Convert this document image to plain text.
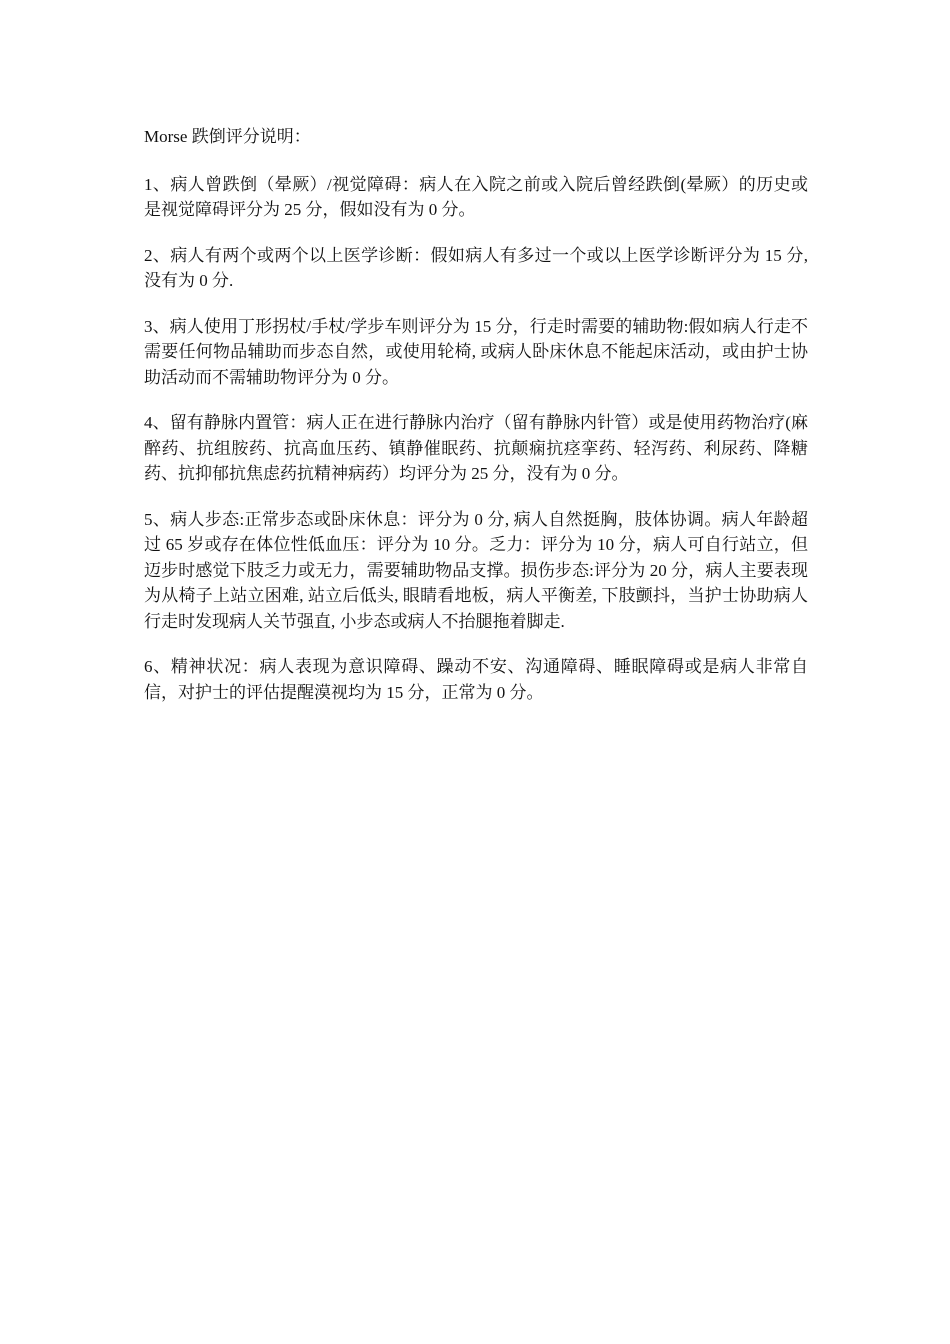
Morse 跌倒评分说明：

1、病人曾跌倒（晕厥）/视觉障碍：病人在入院之前或入院后曾经跌倒(晕厥）的历史或是视觉障碍评分为 25 分，假如没有为 0 分。

2、病人有两个或两个以上医学诊断：假如病人有多过一个或以上医学诊断评分为 15 分, 没有为 0 分.

3、病人使用丁形拐杖/手杖/学步车则评分为 15 分，行走时需要的辅助物:假如病人行走不需要任何物品辅助而步态自然，或使用轮椅, 或病人卧床休息不能起床活动，或由护士协助活动而不需辅助物评分为 0 分。

4、留有静脉内置管：病人正在进行静脉内治疗（留有静脉内针管）或是使用药物治疗(麻醉药、抗组胺药、抗高血压药、镇静催眠药、抗颠痫抗痉挛药、轻泻药、利尿药、降糖药、抗抑郁抗焦虑药抗精神病药）均评分为 25 分，没有为 0 分。

5、病人步态:正常步态或卧床休息：评分为 0 分, 病人自然挺胸，肢体协调。病人年龄超过 65 岁或存在体位性低血压：评分为 10 分。乏力：评分为 10 分，病人可自行站立，但迈步时感觉下肢乏力或无力，需要辅助物品支撑。损伤步态:评分为 20 分，病人主要表现为从椅子上站立困难, 站立后低头, 眼睛看地板，病人平衡差, 下肢颤抖，当护士协助病人行走时发现病人关节强直, 小步态或病人不抬腿拖着脚走.

6、精神状况：病人表现为意识障碍、躁动不安、沟通障碍、睡眠障碍或是病人非常自信，对护士的评估提醒漠视均为 15 分，正常为 0 分。
